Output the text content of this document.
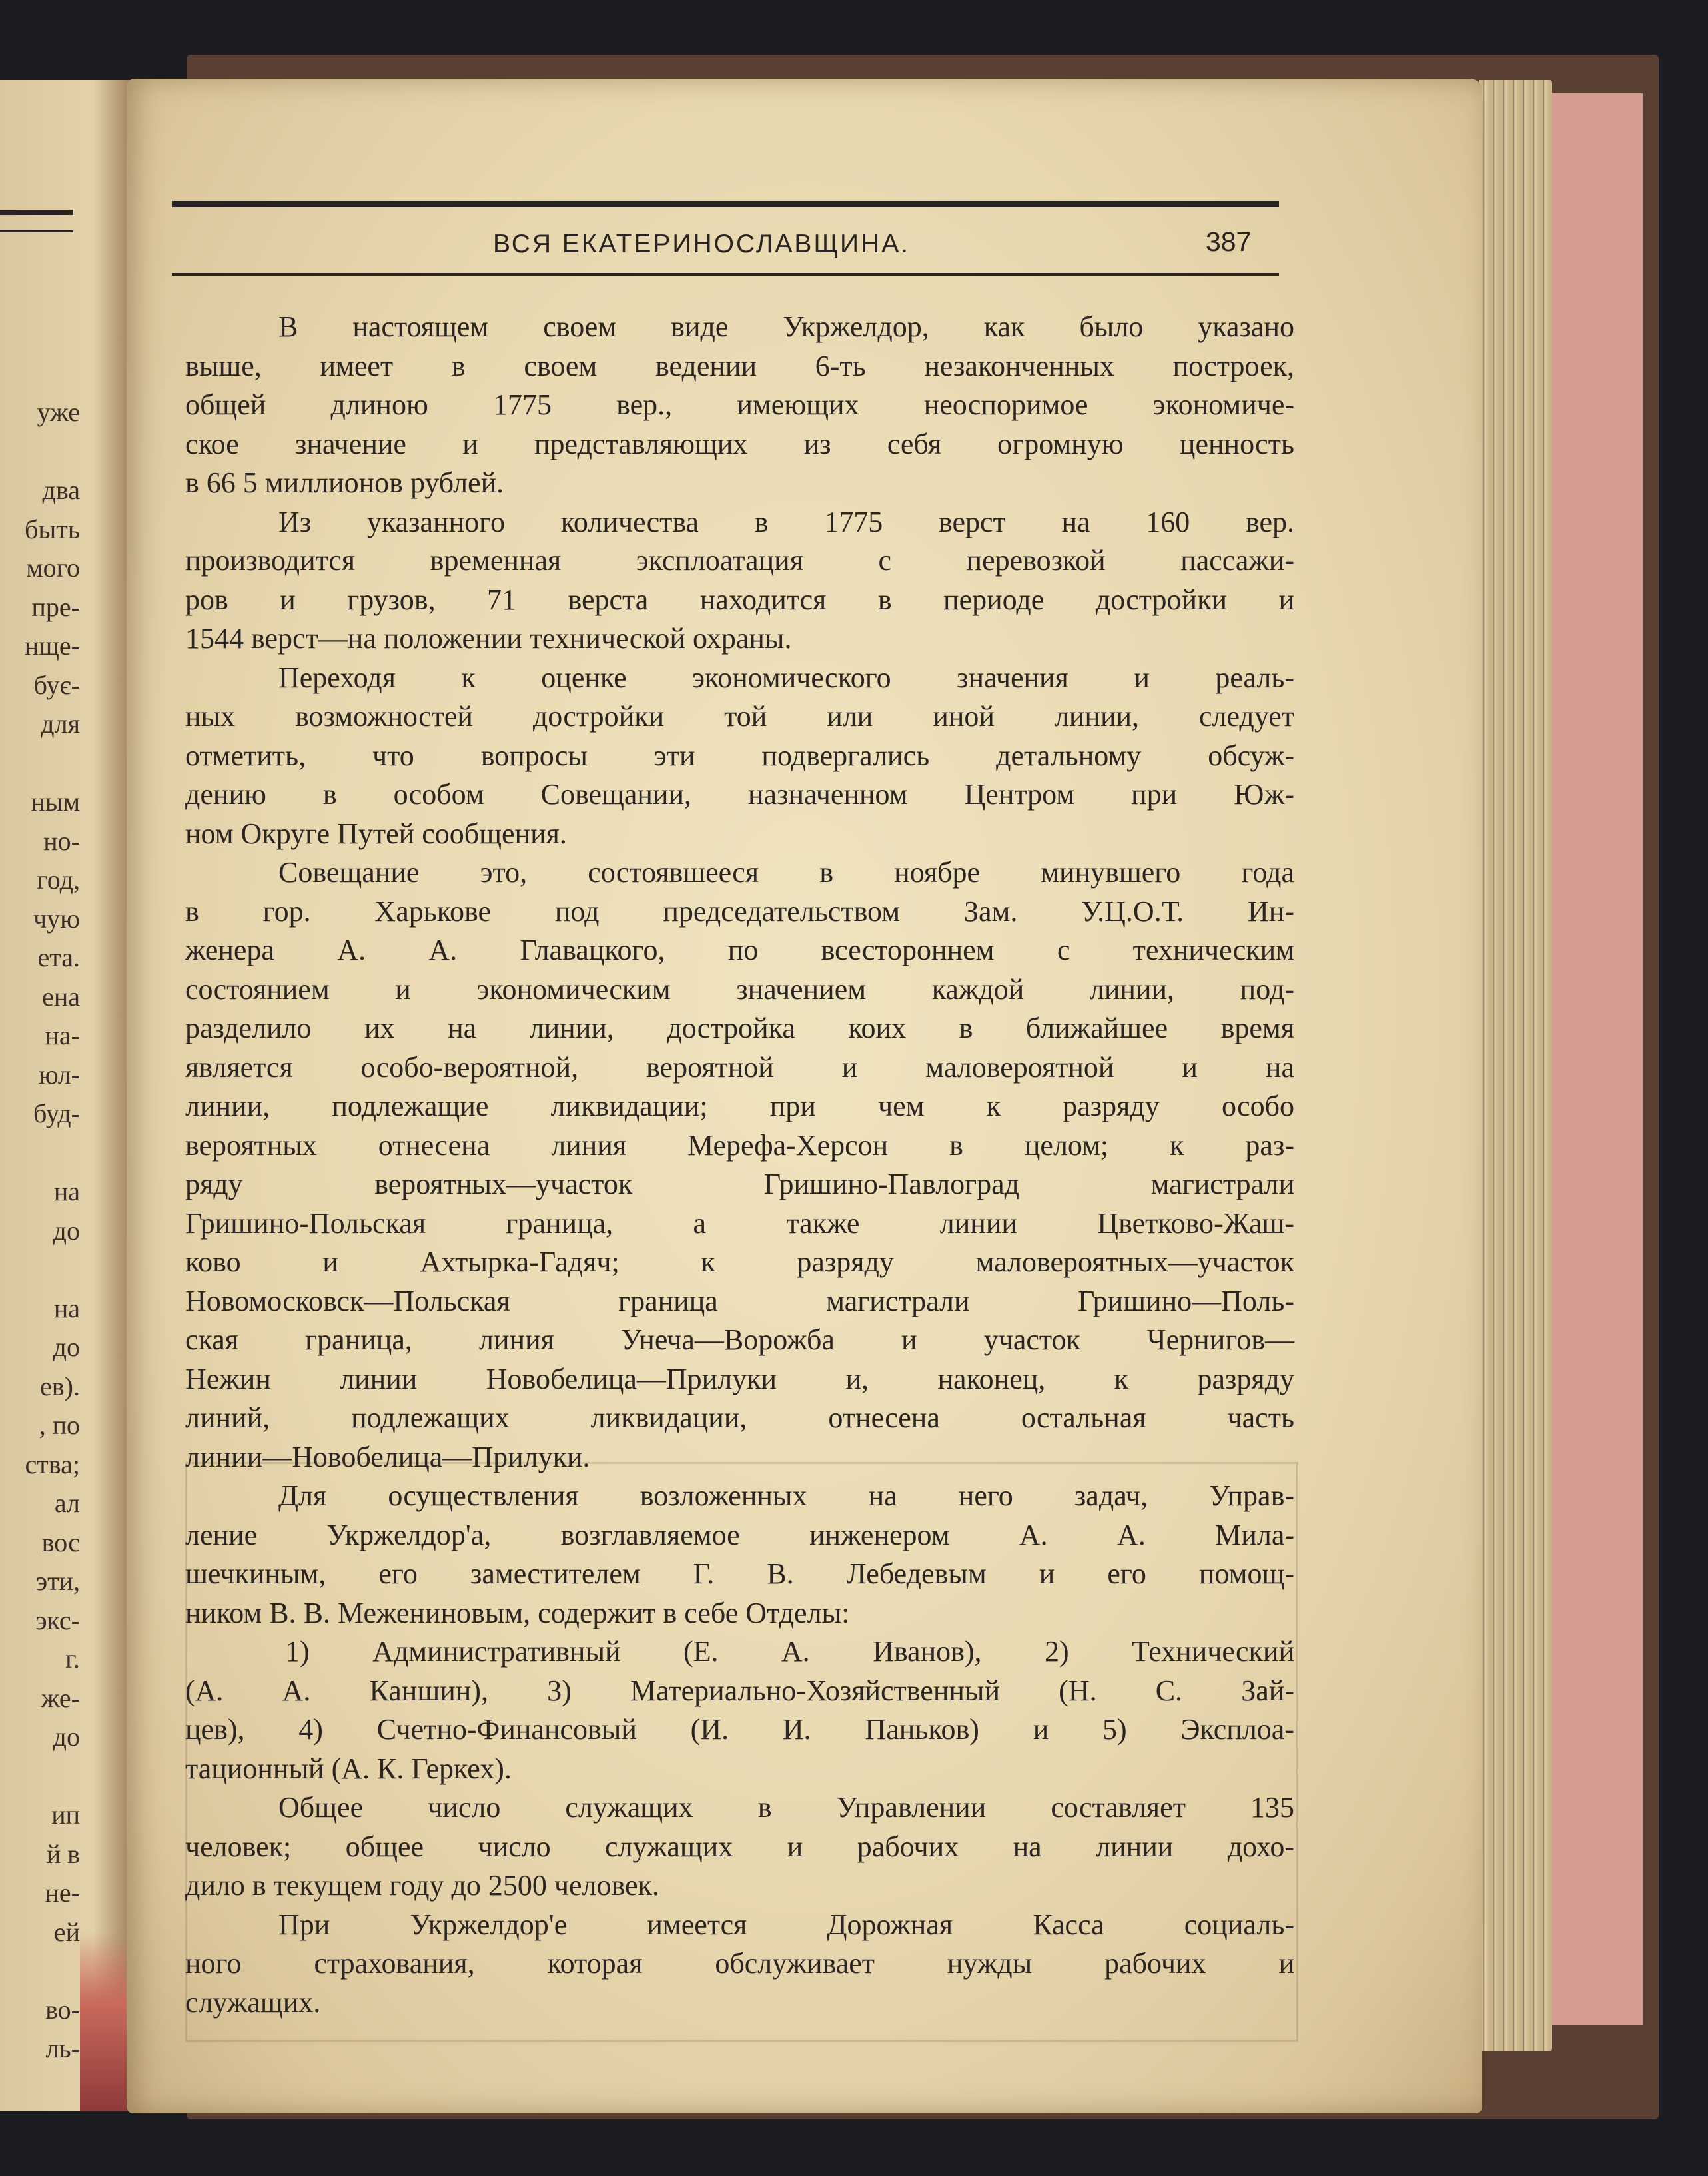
уже
два
быть
мого
пре-
нще-
бує-
для
ным
но-
год,
чую
ета.
ена
на-
юл-
буд-
на
до
на
до
ев).
, по
ства;
ал
вос
эти,
экс-
г.
же-
до
ип
й в
не-
ей
во-
ль-
ВСЯ ЕКАТЕРИНОСЛАВЩИНА.	387
В настоящем своем виде Укржелдор, как было указано
выше, имеет в своем ведении 6-ть незаконченных построек,
общей длиною 1775 вер., имеющих неоспоримое экономиче-
ское значение и представляющих из себя огромную ценность
в 66 5 миллионов рублей.
Из указанного количества в 1775 верст на 160 вер.
производится временная эксплоатация с перевозкой пассажи-
ров и грузов, 71 верста находится в периоде достройки и
1544 верст—на положении технической охраны.
Переходя к оценке экономического значения и реаль-
ных возможностей достройки той или иной линии, следует
отметить, что вопросы эти подвергались детальному обсуж-
дению в особом Совещании, назначенном Центром при Юж-
ном Округе Путей сообщения.
Совещание это, состоявшееся в ноябре минувшего года
в гор. Харькове под председательством Зам. У.Ц.О.Т. Ин-
женера А. А. Главацкого, по всестороннем с техническим
состоянием и экономическим значением каждой линии, под-
разделило их на линии, достройка коих в ближайшее время
является особо-вероятной, вероятной и маловероятной и на
линии, подлежащие ликвидации; при чем к разряду особо
вероятных отнесена линия Мерефа-Херсон в целом; к раз-
ряду вероятных—участок Гришино-Павлоград магистрали
Гришино-Польская граница, а также линии Цветково-Жаш-
ково и Ахтырка-Гадяч; к разряду маловероятных—участок
Новомосковск—Польская граница магистрали Гришино—Поль-
ская граница, линия Унеча—Ворожба и участок Чернигов—
Нежин линии Новобелица—Прилуки и, наконец, к разряду
линий, подлежащих ликвидации, отнесена остальная часть
линии—Новобелица—Прилуки.
Для осуществления возложенных на него задач, Управ-
ление Укржелдор'а, возглавляемое инженером А. А. Мила-
шечкиным, его заместителем Г. В. Лебедевым и его помощ-
ником В. В. Межениновым, содержит в себе Отделы:
1) Административный (Е. А. Иванов), 2) Технический
(А. А. Каншин), 3) Материально-Хозяйственный (Н. С. Зай-
цев), 4) Счетно-Финансовый (И. И. Паньков) и 5) Эксплоа-
тационный (А. К. Геркех).
Общее число служащих в Управлении составляет 135
человек; общее число служащих и рабочих на линии дохо-
дило в текущем году до 2500 человек.
При Укржелдор'е имеется Дорожная Касса социаль-
ного страхования, которая обслуживает нужды рабочих и
служащих.
